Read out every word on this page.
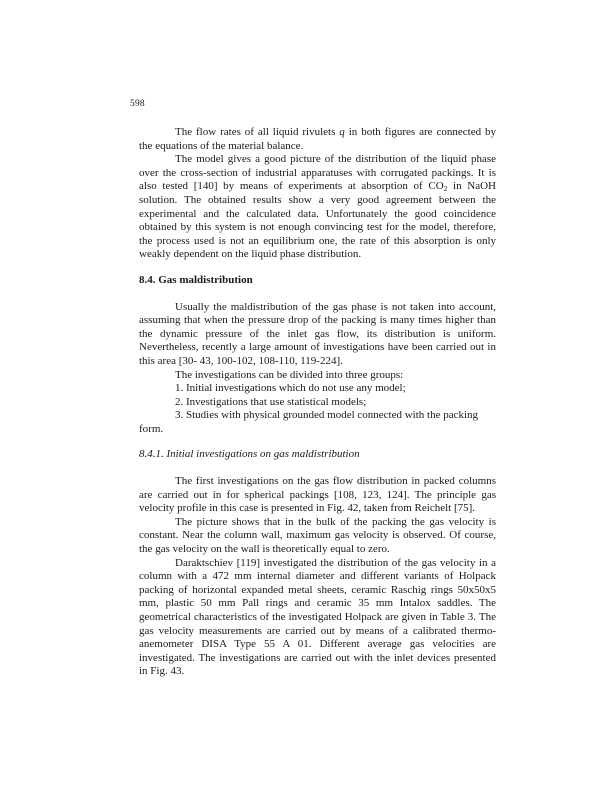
598

The flow rates of all liquid rivulets q in both figures are connected by the equations of the material balance.

The model gives a good picture of the distribution of the liquid phase over the cross-section of industrial apparatuses with corrugated packings. It is also tested [140] by means of experiments at absorption of $CO_2$ in NaOH solution. The obtained results show a very good agreement between the experimental and the calculated data. Unfortunately the good coincidence obtained by this system is not enough convincing test for the model, therefore, the process used is not an equilibrium one, the rate of this absorption is only weakly dependent on the liquid phase distribution.

8.4. Gas maldistribution

Usually the maldistribution of the gas phase is not taken into account, assuming that when the pressure drop of the packing is many times higher than the dynamic pressure of the inlet gas flow, its distribution is uniform. Nevertheless, recently a large amount of investigations have been carried out in this area [30- 43, 100-102, 108-110, 119-224].

The investigations can be divided into three groups:

1. Initial investigations which do not use any model;

2. Investigations that use statistical models;

3. Studies with physical grounded model connected with the packing

form.

8.4.1. Initial investigations on gas maldistribution

The first investigations on the gas flow distribution in packed columns are carried out in for spherical packings [108, 123, 124]. The principle gas velocity profile in this case is presented in Fig. 42, taken from Reichelt [75].

The picture shows that in the bulk of the packing the gas velocity is constant. Near the column wall, maximum gas velocity is observed. Of course, the gas velocity on the wall is theoretically equal to zero.

Daraktschiev [119] investigated the distribution of the gas velocity in a column with a 472 mm internal diameter and different variants of Holpack packing of horizontal expanded metal sheets, ceramic Raschig rings 50x50x5 mm, plastic 50 mm Pall rings and ceramic 35 mm Intalox saddles. The geometrical characteristics of the investigated Holpack are given in Table 3. The gas velocity measurements are carried out by means of a calibrated thermo-anemometer DISA Type 55 A 01. Different average gas velocities are investigated. The investigations are carried out with the inlet devices presented in Fig. 43.
